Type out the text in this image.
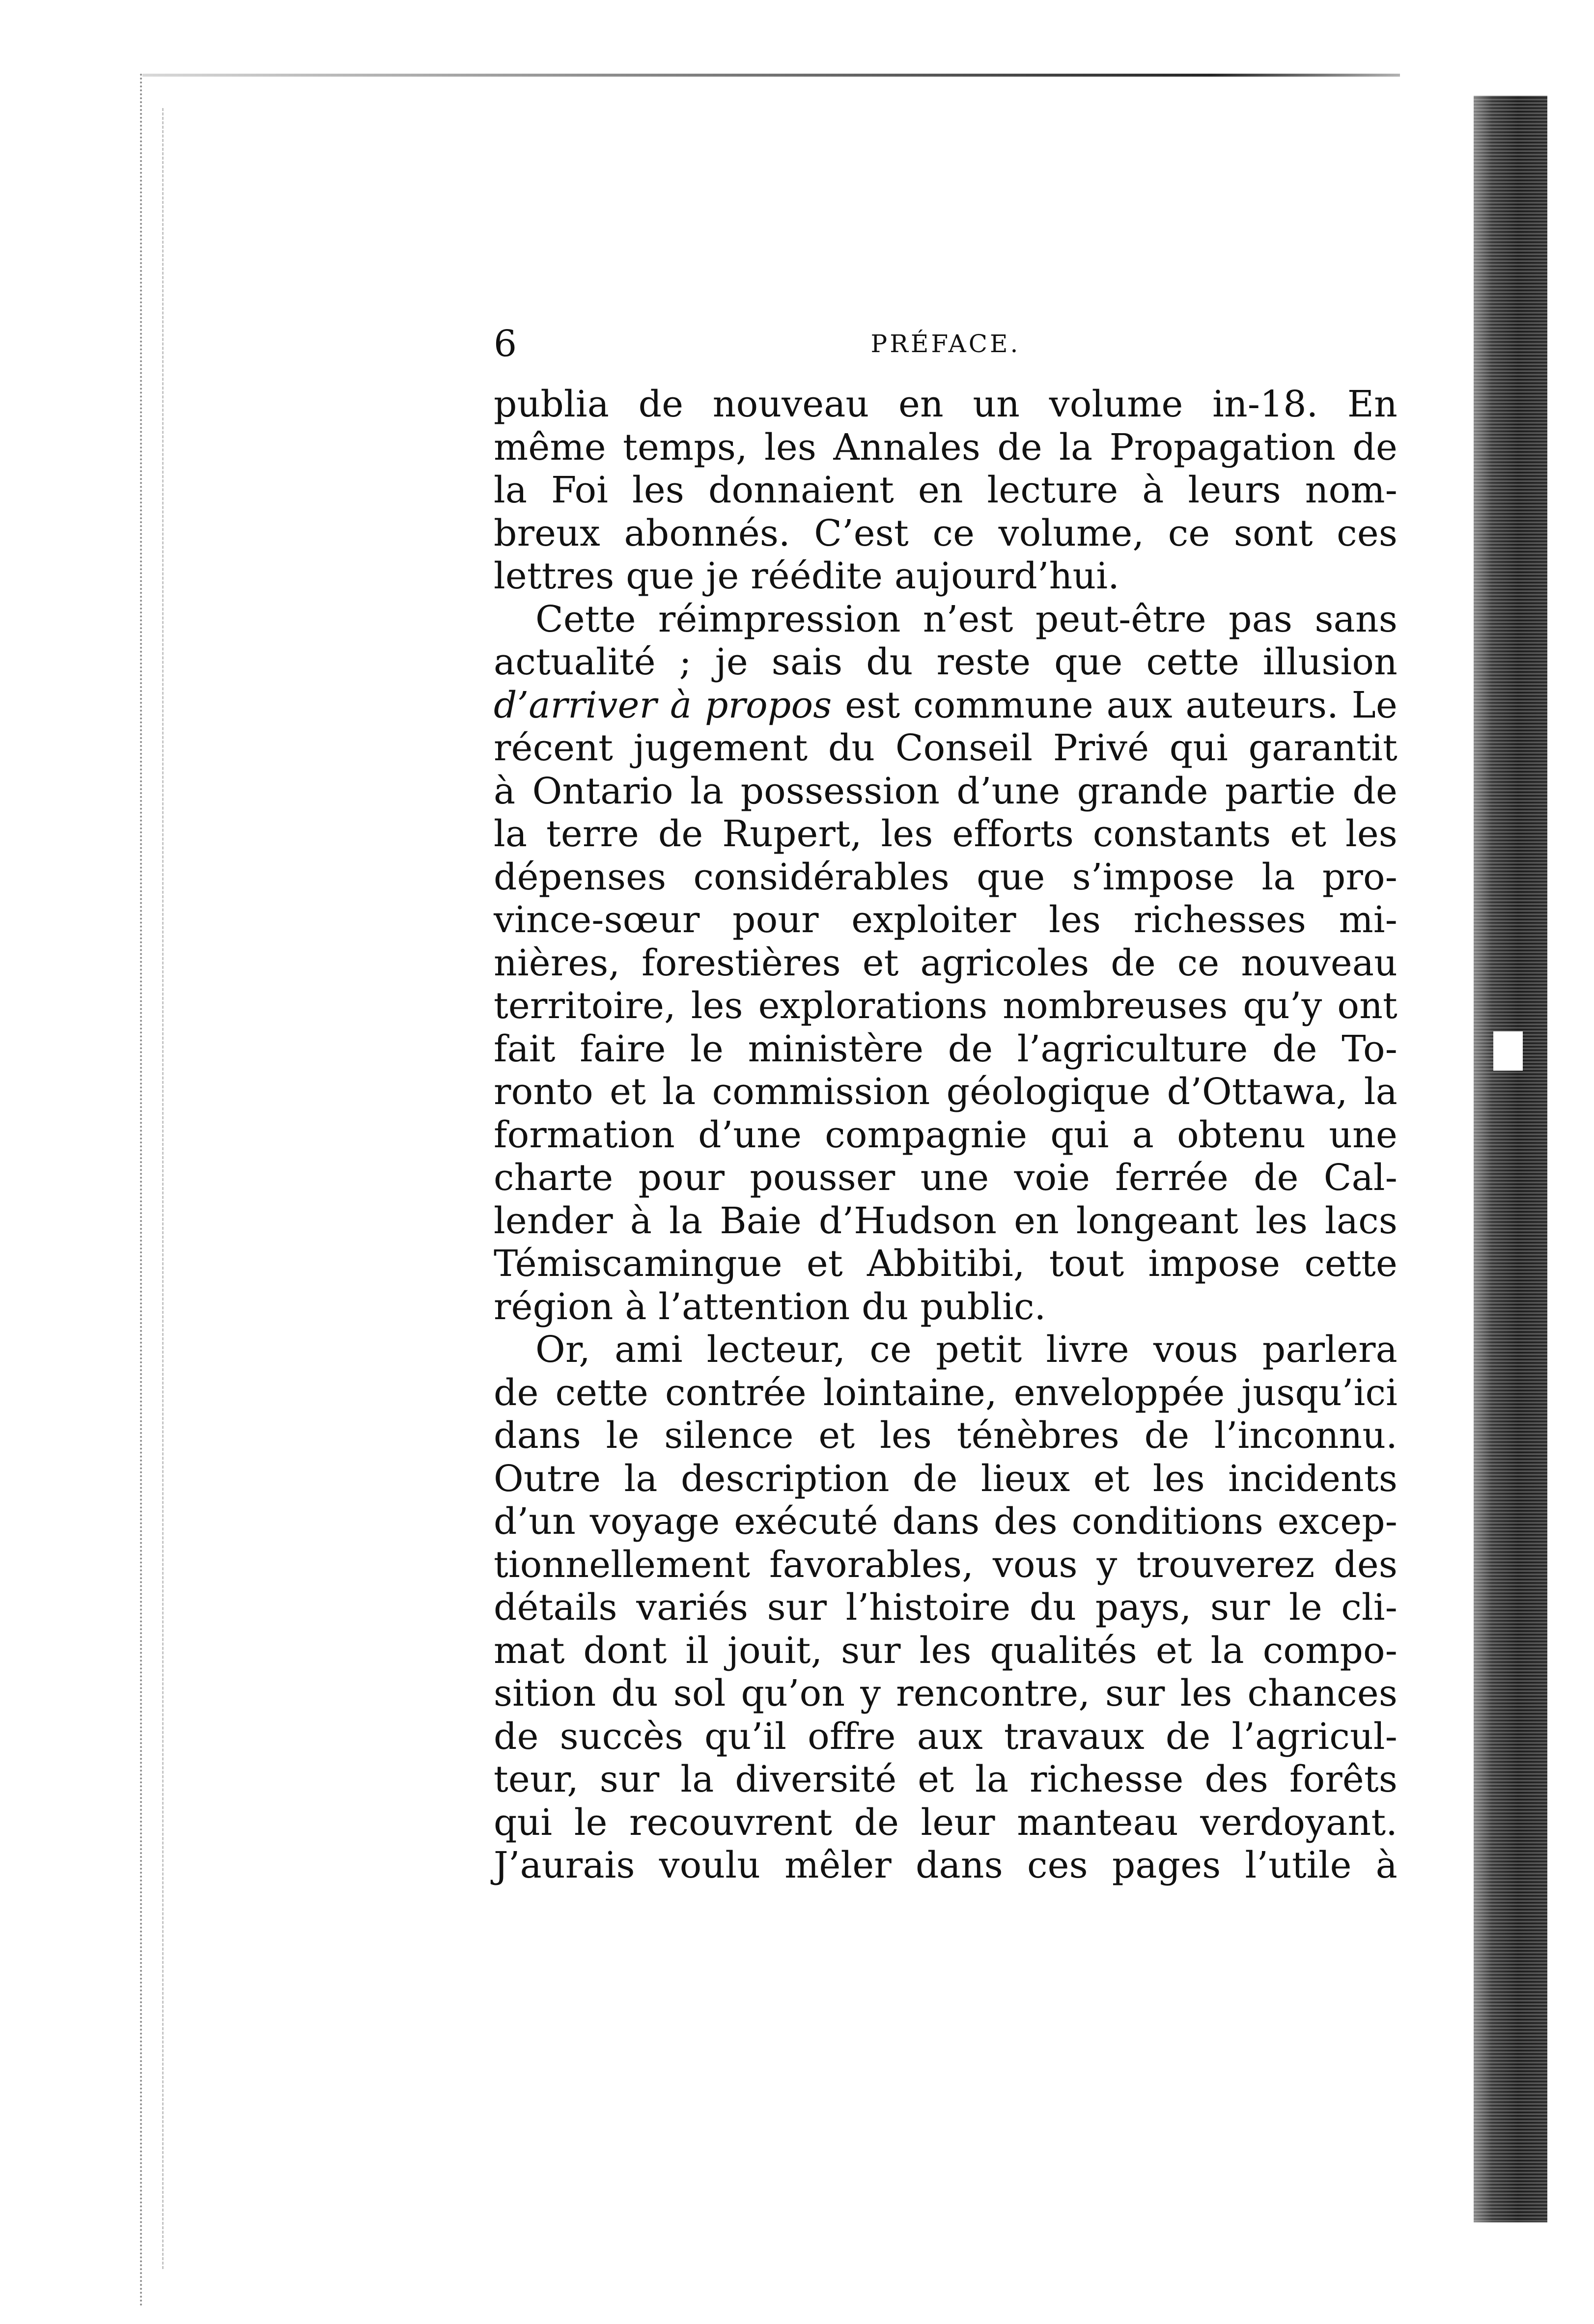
6	PRÉFACE.
publia de nouveau en un volume in-18. En
même temps, les Annales de la Propagation de
la Foi les donnaient en lecture à leurs nom-
breux abonnés. C’est ce volume, ce sont ces
lettres que je réédite aujourd’hui.
Cette réimpression n’est peut-être pas sans
actualité ; je sais du reste que cette illusion
d’arriver à propos est commune aux auteurs. Le
récent jugement du Conseil Privé qui garantit
à Ontario la possession d’une grande partie de
la terre de Rupert, les efforts constants et les
dépenses considérables que s’impose la pro-
vince-sœur pour exploiter les richesses mi-
nières, forestières et agricoles de ce nouveau
territoire, les explorations nombreuses qu’y ont
fait faire le ministère de l’agriculture de To-
ronto et la commission géologique d’Ottawa, la
formation d’une compagnie qui a obtenu une
charte pour pousser une voie ferrée de Cal-
lender à la Baie d’Hudson en longeant les lacs
Témiscamingue et Abbitibi, tout impose cette
région à l’attention du public.
Or, ami lecteur, ce petit livre vous parlera
de cette contrée lointaine, enveloppée jusqu’ici
dans le silence et les ténèbres de l’inconnu.
Outre la description de lieux et les incidents
d’un voyage exécuté dans des conditions excep-
tionnellement favorables, vous y trouverez des
détails variés sur l’histoire du pays, sur le cli-
mat dont il jouit, sur les qualités et la compo-
sition du sol qu’on y rencontre, sur les chances
de succès qu’il offre aux travaux de l’agricul-
teur, sur la diversité et la richesse des forêts
qui le recouvrent de leur manteau verdoyant.
J’aurais voulu mêler dans ces pages l’utile à
